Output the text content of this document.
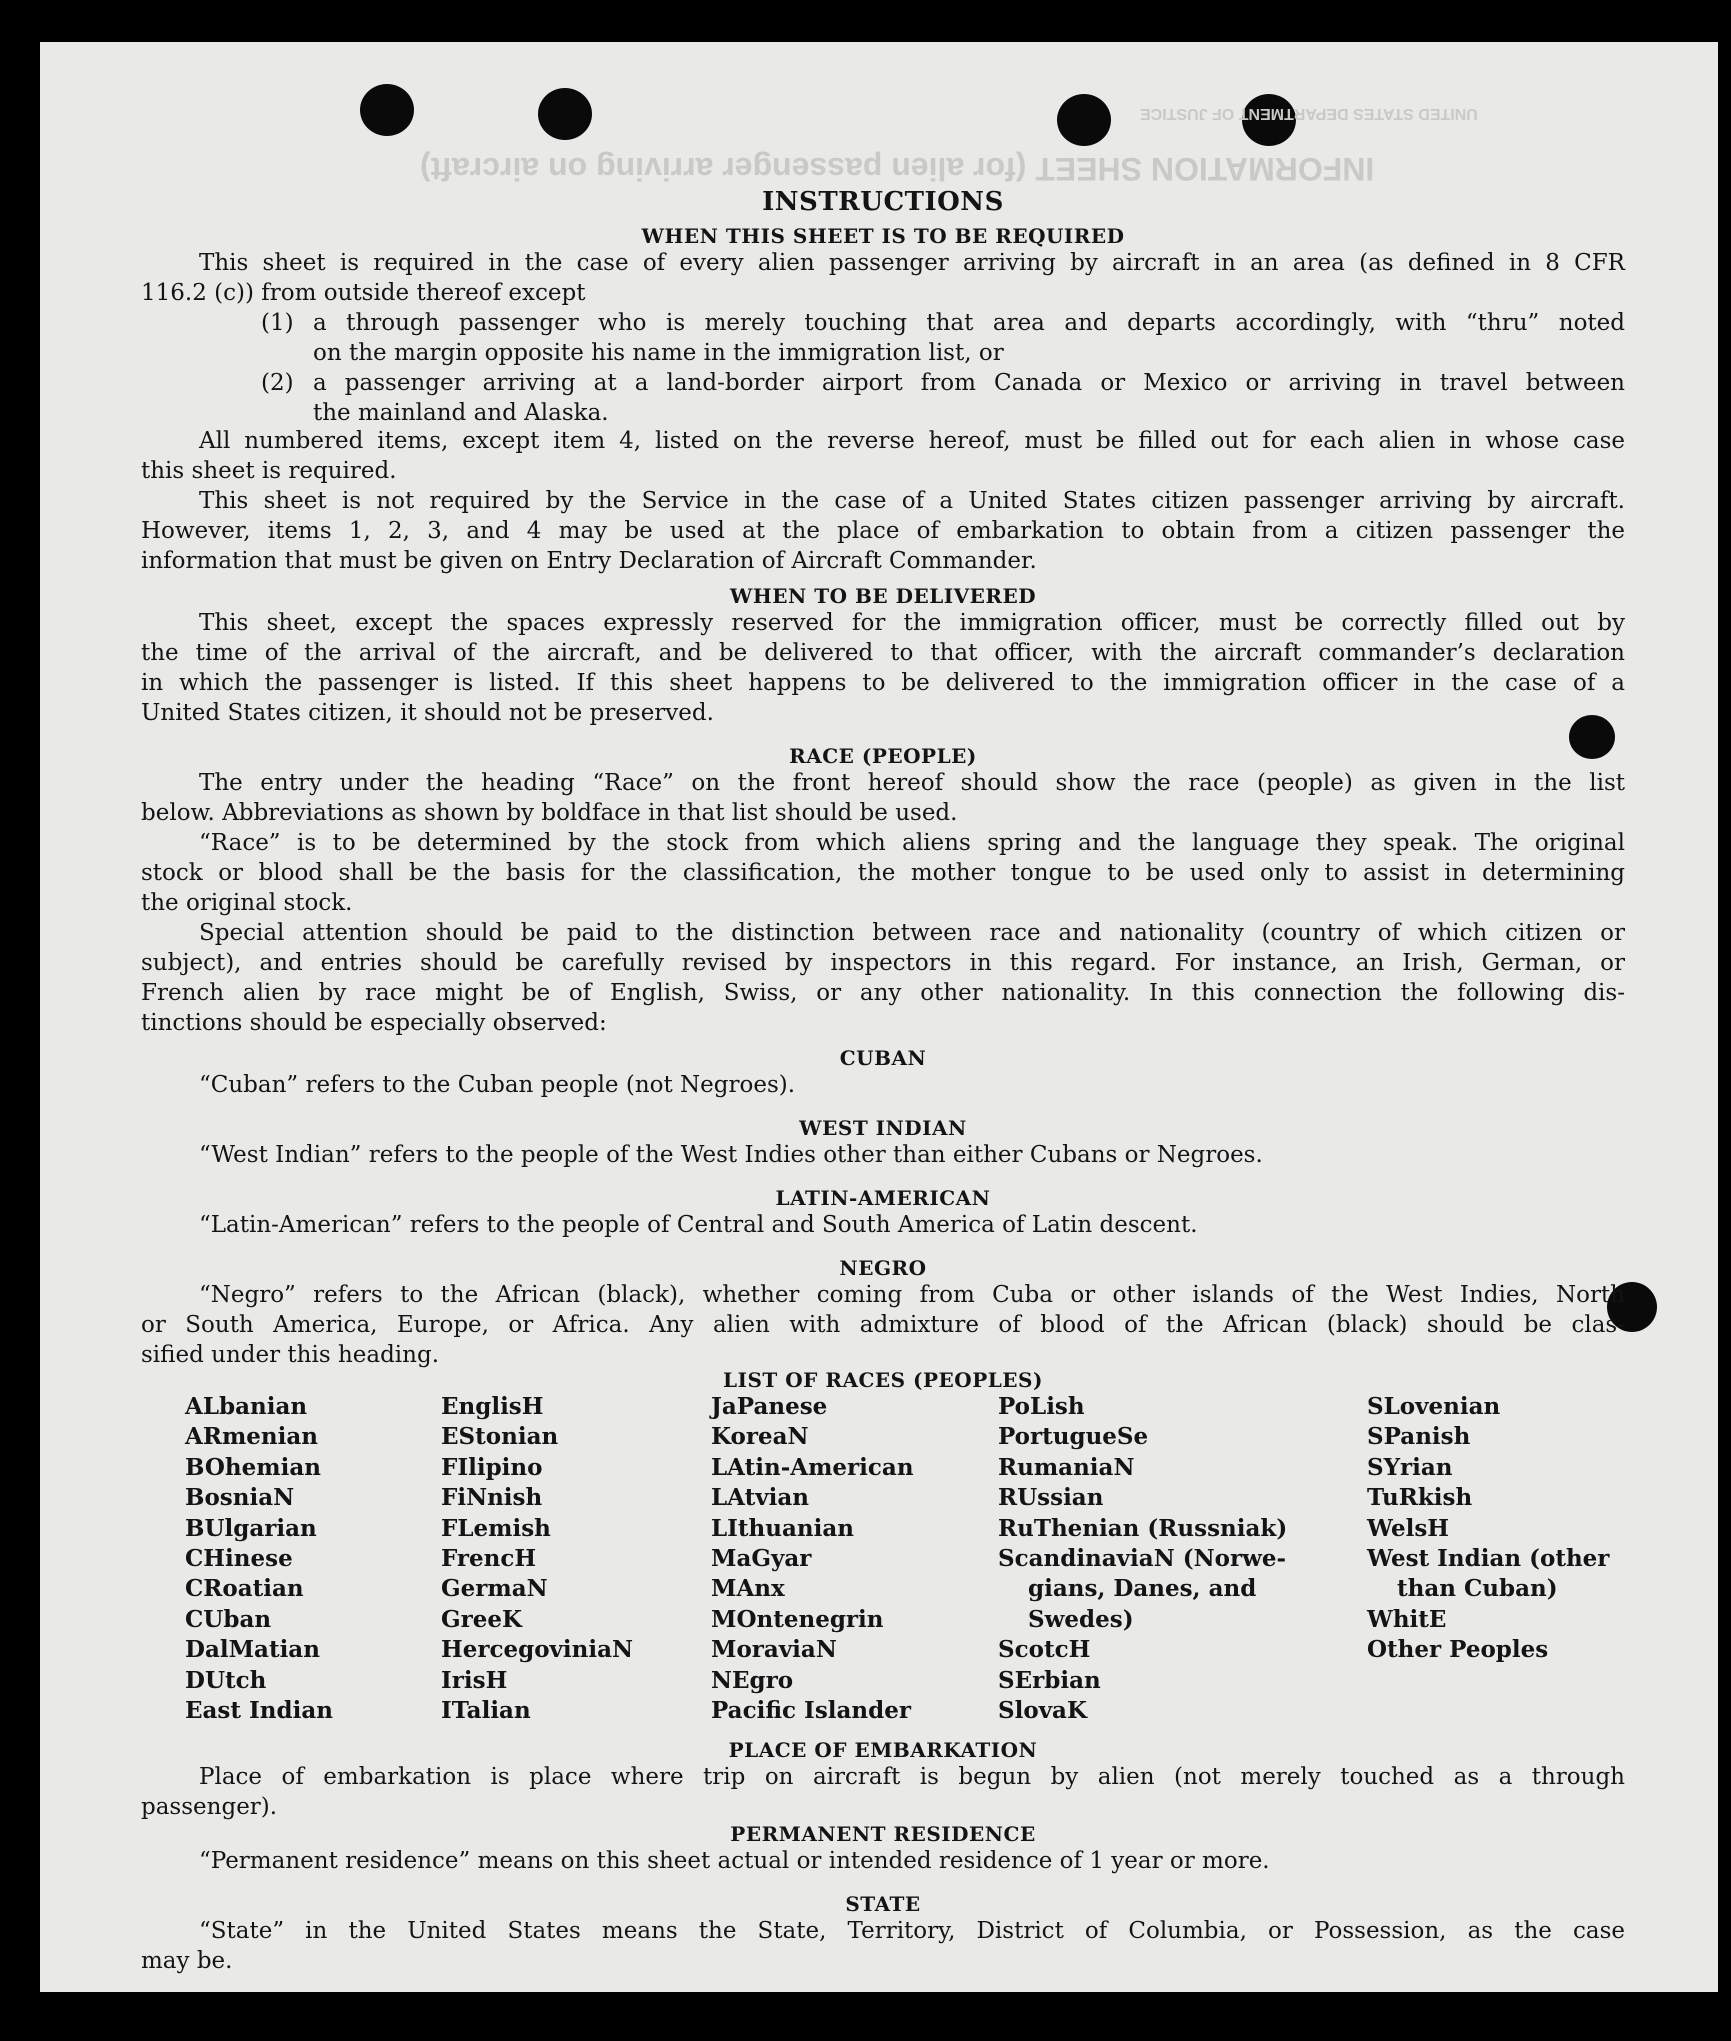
INFORMATION SHEET (for alien passenger arriving on aircraft)
UNITED STATES DEPARTMENT OF JUSTICE
INSTRUCTIONS
WHEN THIS SHEET IS TO BE REQUIRED
This sheet is required in the case of every alien passenger arriving by aircraft in an area (as defined in 8 CFR
116.2 (c)) from outside thereof except
(1) a through passenger who is merely touching that area and departs accordingly, with “thru” noted
on the margin opposite his name in the immigration list, or
(2) a passenger arriving at a land-border airport from Canada or Mexico or arriving in travel between
the mainland and Alaska.
All numbered items, except item 4, listed on the reverse hereof, must be filled out for each alien in whose case
this sheet is required.
This sheet is not required by the Service in the case of a United States citizen passenger arriving by aircraft.
However, items 1, 2, 3, and 4 may be used at the place of embarkation to obtain from a citizen passenger the
information that must be given on Entry Declaration of Aircraft Commander.
WHEN TO BE DELIVERED
This sheet, except the spaces expressly reserved for the immigration officer, must be correctly filled out by
the time of the arrival of the aircraft, and be delivered to that officer, with the aircraft commander’s declaration
in which the passenger is listed. If this sheet happens to be delivered to the immigration officer in the case of a
United States citizen, it should not be preserved.
RACE (PEOPLE)
The entry under the heading “Race” on the front hereof should show the race (people) as given in the list
below. Abbreviations as shown by boldface in that list should be used.
“Race” is to be determined by the stock from which aliens spring and the language they speak. The original
stock or blood shall be the basis for the classification, the mother tongue to be used only to assist in determining
the original stock.
Special attention should be paid to the distinction between race and nationality (country of which citizen or
subject), and entries should be carefully revised by inspectors in this regard. For instance, an Irish, German, or
French alien by race might be of English, Swiss, or any other nationality. In this connection the following dis-
tinctions should be especially observed:
CUBAN
“Cuban” refers to the Cuban people (not Negroes).
WEST INDIAN
“West Indian” refers to the people of the West Indies other than either Cubans or Negroes.
LATIN-AMERICAN
“Latin-American” refers to the people of Central and South America of Latin descent.
NEGRO
“Negro” refers to the African (black), whether coming from Cuba or other islands of the West Indies, North
or South America, Europe, or Africa. Any alien with admixture of blood of the African (black) should be clas-
sified under this heading.
LIST OF RACES (PEOPLES)
ALbanian
ARmenian
BOhemian
BosniaN
BUlgarian
CHinese
CRoatian
CUban
DalMatian
DUtch
East Indian
EnglisH
EStonian
FIlipino
FiNnish
FLemish
FrencH
GermaN
GreeK
HercegoviniaN
IrisH
ITalian
JaPanese
KoreaN
LAtin-American
LAtvian
LIthuanian
MaGyar
MAnx
MOntenegrin
MoraviaN
NEgro
Pacific Islander
PoLish
PortugueSe
RumaniaN
RUssian
RuThenian (Russniak)
ScandinaviaN (Norwe-
gians, Danes, and
Swedes)
ScotcH
SErbian
SlovaK
SLovenian
SPanish
SYrian
TuRkish
WelsH
West Indian (other
than Cuban)
WhitE
Other Peoples
PLACE OF EMBARKATION
Place of embarkation is place where trip on aircraft is begun by alien (not merely touched as a through
passenger).
PERMANENT RESIDENCE
“Permanent residence” means on this sheet actual or intended residence of 1 year or more.
STATE
“State” in the United States means the State, Territory, District of Columbia, or Possession, as the case
may be.
